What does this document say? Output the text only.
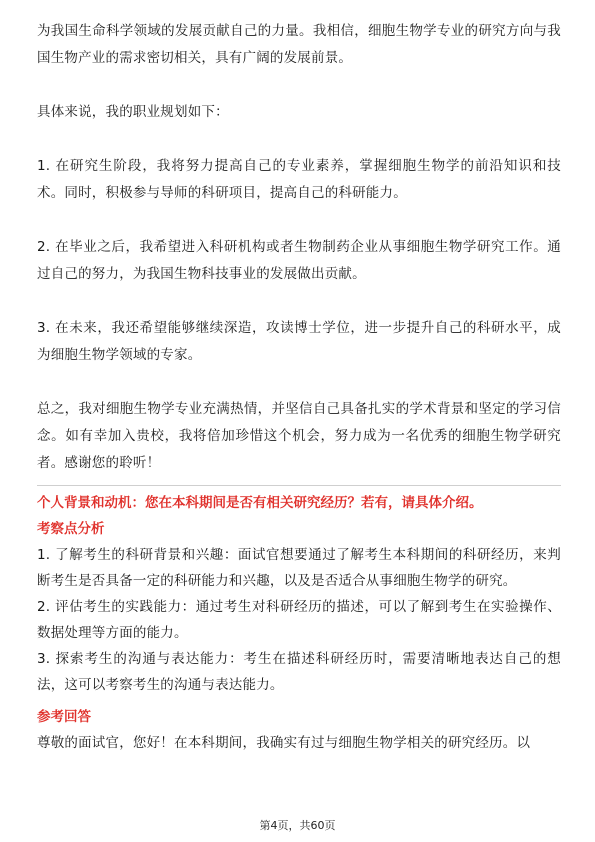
为我国生命科学领域的发展贡献自己的力量。我相信，细胞生物学专业的研究方向与我国生物产业的需求密切相关，具有广阔的发展前景。

具体来说，我的职业规划如下：

1. 在研究生阶段，我将努力提高自己的专业素养，掌握细胞生物学的前沿知识和技术。同时，积极参与导师的科研项目，提高自己的科研能力。

2. 在毕业之后，我希望进入科研机构或者生物制药企业从事细胞生物学研究工作。通过自己的努力，为我国生物科技事业的发展做出贡献。

3. 在未来，我还希望能够继续深造，攻读博士学位，进一步提升自己的科研水平，成为细胞生物学领域的专家。

总之，我对细胞生物学专业充满热情，并坚信自己具备扎实的学术背景和坚定的学习信念。如有幸加入贵校，我将倍加珍惜这个机会，努力成为一名优秀的细胞生物学研究者。感谢您的聆听！

个人背景和动机：您在本科期间是否有相关研究经历？若有，请具体介绍。

考察点分析

1. 了解考生的科研背景和兴趣：面试官想要通过了解考生本科期间的科研经历，来判断考生是否具备一定的科研能力和兴趣，以及是否适合从事细胞生物学的研究。

2. 评估考生的实践能力：通过考生对科研经历的描述，可以了解到考生在实验操作、数据处理等方面的能力。

3. 探索考生的沟通与表达能力：考生在描述科研经历时，需要清晰地表达自己的想法，这可以考察考生的沟通与表达能力。

参考回答

尊敬的面试官，您好！在本科期间，我确实有过与细胞生物学相关的研究经历。以

第4页，共60页
